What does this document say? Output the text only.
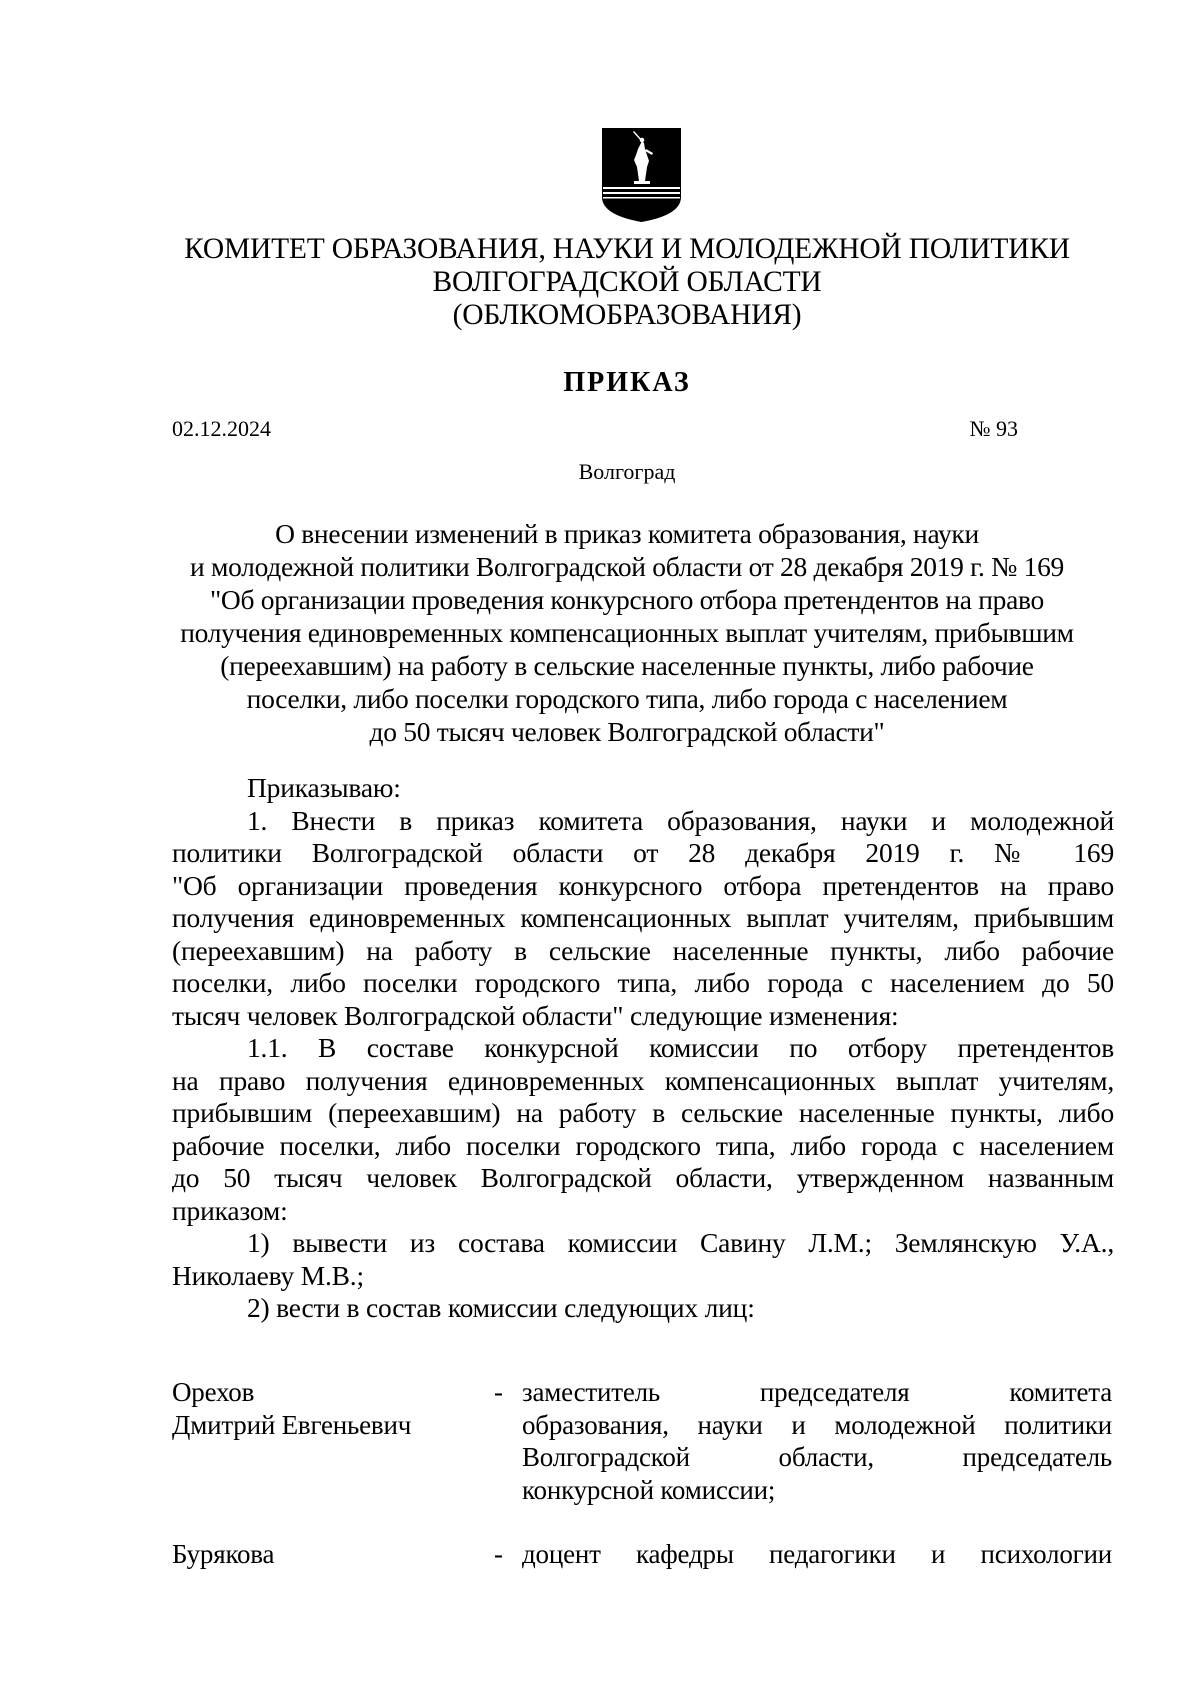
КОМИТЕТ ОБРАЗОВАНИЯ, НАУКИ И МОЛОДЕЖНОЙ ПОЛИТИКИ
ВОЛГОГРАДСКОЙ ОБЛАСТИ
(ОБЛКОМОБРАЗОВАНИЯ)
ПРИКАЗ
02.12.2024	№ 93
Волгоград
О внесении изменений в приказ комитета образования, науки
и молодежной политики Волгоградской области от 28 декабря 2019 г. № 169
"Об организации проведения конкурсного отбора претендентов на право
получения единовременных компенсационных выплат учителям, прибывшим
(переехавшим) на работу в сельские населенные пункты, либо рабочие
поселки, либо поселки городского типа, либо города с населением
до 50 тысяч человек Волгоградской области"

Приказываю:

1. Внести в приказ комитета образования, науки и молодежной
политики Волгоградской области от 28 декабря 2019 г. № 169
"Об организации проведения конкурсного отбора претендентов на право
получения единовременных компенсационных выплат учителям, прибывшим
(переехавшим) на работу в сельские населенные пункты, либо рабочие
поселки, либо поселки городского типа, либо города с населением до 50
тысяч человек Волгоградской области" следующие изменения:
1.1. В составе конкурсной комиссии по отбору претендентов
на право получения единовременных компенсационных выплат учителям,
прибывшим (переехавшим) на работу в сельские населенные пункты, либо
рабочие поселки, либо поселки городского типа, либо города с населением
до 50 тысяч человек Волгоградской области, утвержденном названным
приказом:
1) вывести из состава комиссии Савину Л.М.; Землянскую У.А.,
Николаеву М.В.;
2) вести в состав комиссии следующих лиц:
Орехов
Дмитрий Евгеньевич
- заместитель председателя комитета
образования, науки и молодежной политики
Волгоградской области, председатель
конкурсной комиссии;
Бурякова	- доцент кафедры педагогики и психологии
